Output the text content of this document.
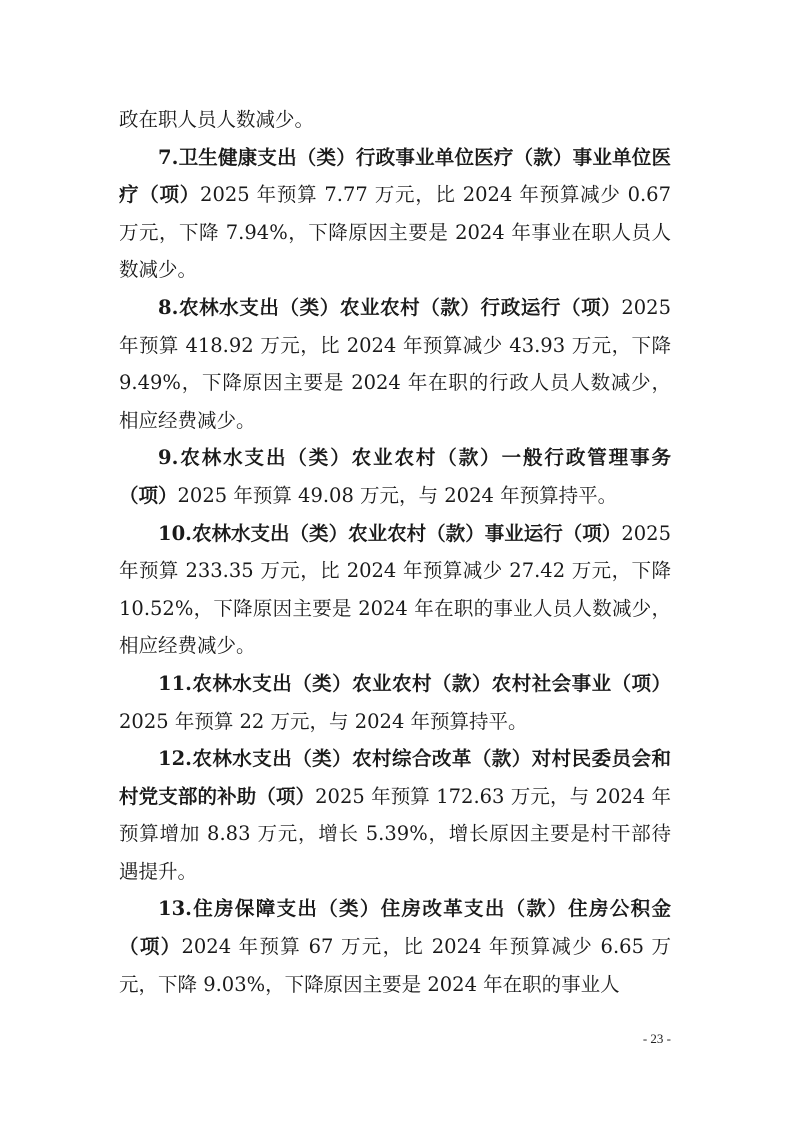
政在职人员人数减少。

7.卫生健康支出（类）行政事业单位医疗（款）事业单位医疗（项）2025 年预算 7.77 万元，比 2024 年预算减少 0.67 万元，下降 7.94%，下降原因主要是 2024 年事业在职人员人数减少。

8.农林水支出（类）农业农村（款）行政运行（项）2025 年预算 418.92 万元，比 2024 年预算减少 43.93 万元，下降 9.49%，下降原因主要是 2024 年在职的行政人员人数减少，相应经费减少。

9.农林水支出（类）农业农村（款）一般行政管理事务（项）2025 年预算 49.08 万元，与 2024 年预算持平。

10.农林水支出（类）农业农村（款）事业运行（项）2025 年预算 233.35 万元，比 2024 年预算减少 27.42 万元，下降 10.52%，下降原因主要是 2024 年在职的事业人员人数减少，相应经费减少。

11.农林水支出（类）农业农村（款）农村社会事业（项）2025 年预算 22 万元，与 2024 年预算持平。

12.农林水支出（类）农村综合改革（款）对村民委员会和村党支部的补助（项）2025 年预算 172.63 万元，与 2024 年预算增加 8.83 万元，增长 5.39%，增长原因主要是村干部待遇提升。

13.住房保障支出（类）住房改革支出（款）住房公积金（项）2024 年预算 67 万元，比 2024 年预算减少 6.65 万元，下降 9.03%，下降原因主要是 2024 年在职的事业人

- 23 -
